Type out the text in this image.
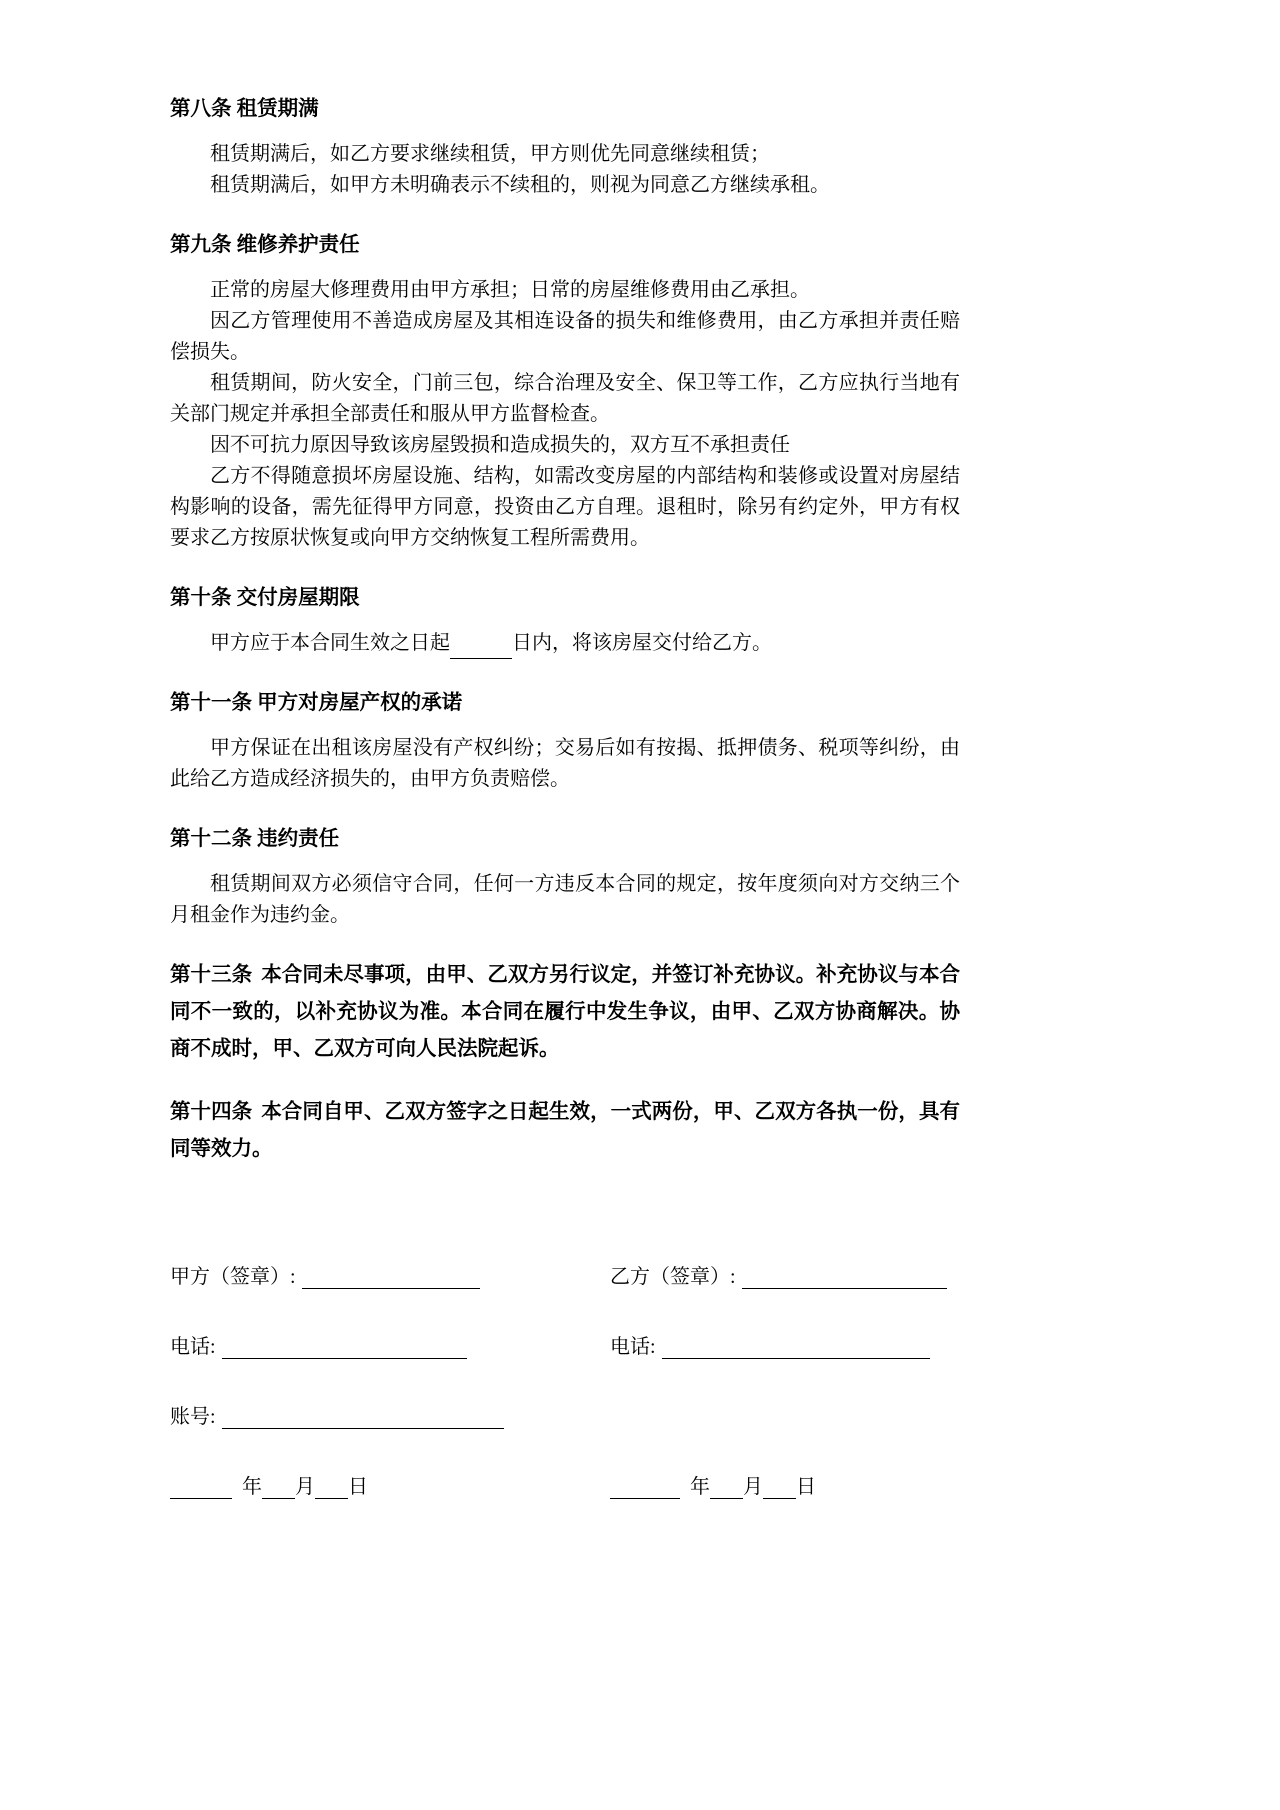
第八条 租赁期满

租赁期满后，如乙方要求继续租赁，甲方则优先同意继续租赁；

租赁期满后，如甲方未明确表示不续租的，则视为同意乙方继续承租。

第九条 维修养护责任

正常的房屋大修理费用由甲方承担；日常的房屋维修费用由乙承担。

因乙方管理使用不善造成房屋及其相连设备的损失和维修费用，由乙方承担并责任赔偿损失。

租赁期间，防火安全，门前三包，综合治理及安全、保卫等工作，乙方应执行当地有关部门规定并承担全部责任和服从甲方监督检查。

因不可抗力原因导致该房屋毁损和造成损失的，双方互不承担责任

乙方不得随意损坏房屋设施、结构，如需改变房屋的内部结构和装修或设置对房屋结构影响的设备，需先征得甲方同意，投资由乙方自理。退租时，除另有约定外，甲方有权要求乙方按原状恢复或向甲方交纳恢复工程所需费用。

第十条 交付房屋期限

甲方应于本合同生效之日起	日内，将该房屋交付给乙方。

第十一条 甲方对房屋产权的承诺

甲方保证在出租该房屋没有产权纠纷；交易后如有按揭、抵押债务、税项等纠纷，由此给乙方造成经济损失的，由甲方负责赔偿。

第十二条 违约责任

租赁期间双方必须信守合同，任何一方违反本合同的规定，按年度须向对方交纳三个月租金作为违约金。

第十三条 本合同未尽事项，由甲、乙双方另行议定，并签订补充协议。补充协议与本合同不一致的，以补充协议为准。本合同在履行中发生争议，由甲、乙双方协商解决。协商不成时，甲、乙双方可向人民法院起诉。

第十四条 本合同自甲、乙双方签字之日起生效，一式两份，甲、乙双方各执一份，具有同等效力。

甲方（签章）:	乙方（签章）:
电话:	电话:
账号:
年 月 日	年 月 日
